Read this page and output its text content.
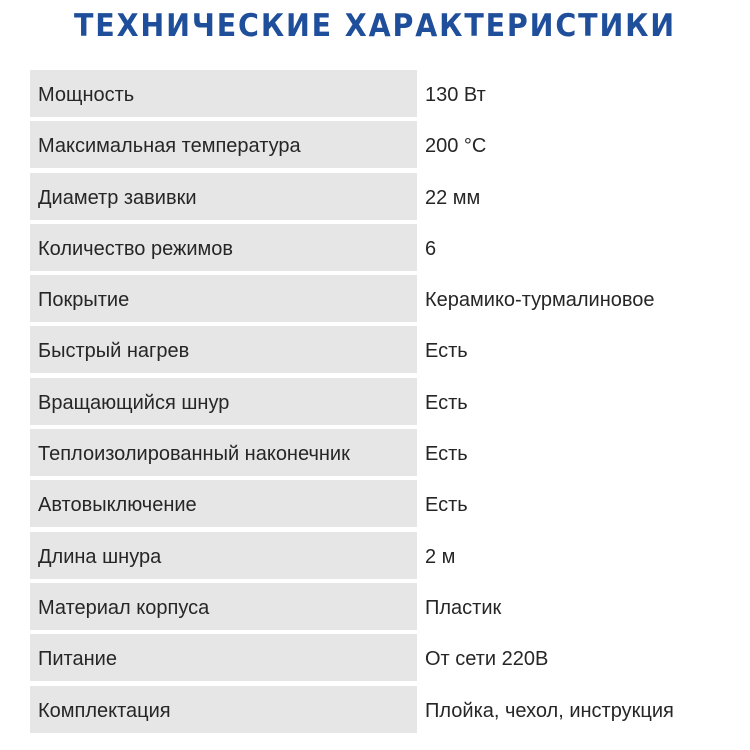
ТЕХНИЧЕСКИЕ ХАРАКТЕРИСТИКИ
Мощность	130 Вт
Максимальная температура	200 °C
Диаметр завивки	22 мм
Количество режимов	6
Покрытие	Керамико-турмалиновое
Быстрый нагрев	Есть
Вращающийся шнур	Есть
Теплоизолированный наконечник	Есть
Автовыключение	Есть
Длина шнура	2 м
Материал корпуса	Пластик
Питание	От сети 220В
Комплектация	Плойка, чехол, инструкция
